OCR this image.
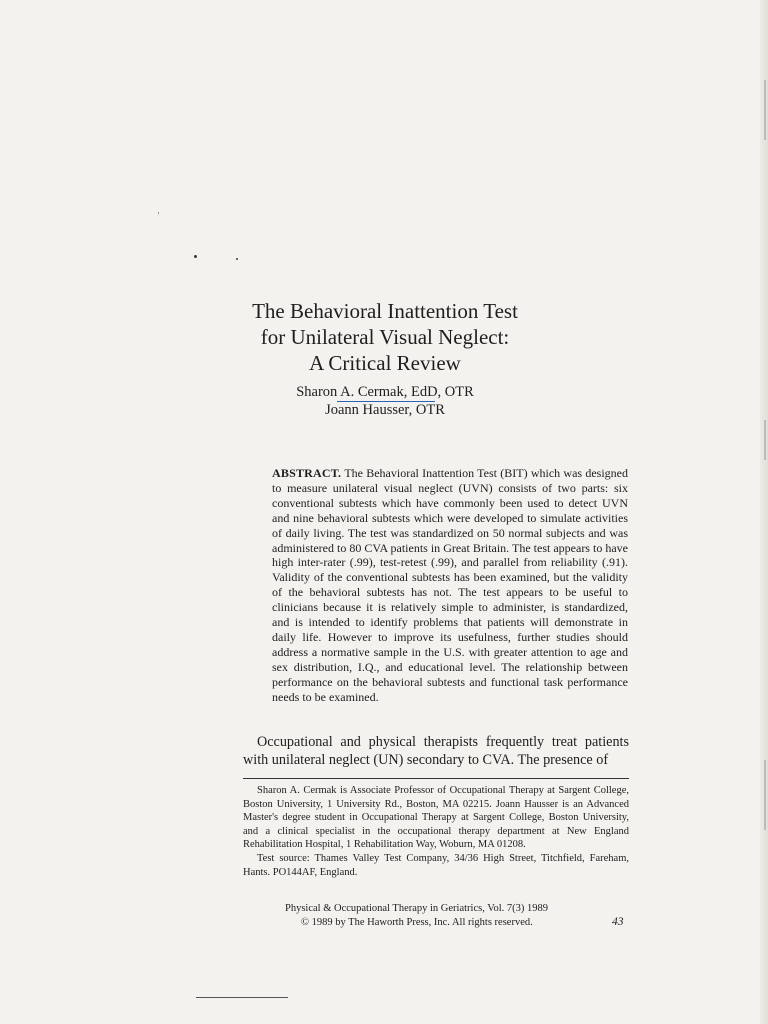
The Behavioral Inattention Test
for Unilateral Visual Neglect:
A Critical Review
Sharon A. Cermak, EdD, OTR
Joann Hausser, OTR
ABSTRACT. The Behavioral Inattention Test (BIT) which was designed to measure unilateral visual neglect (UVN) consists of two parts: six conventional subtests which have commonly been used to detect UVN and nine behavioral subtests which were developed to simulate activities of daily living. The test was standardized on 50 normal subjects and was administered to 80 CVA patients in Great Britain. The test appears to have high inter-rater (.99), test-retest (.99), and parallel from reliability (.91). Validity of the conventional subtests has been examined, but the validity of the behavioral subtests has not. The test appears to be useful to clinicians because it is relatively simple to administer, is standardized, and is intended to identify problems that patients will demonstrate in daily life. However to improve its usefulness, further studies should address a normative sample in the U.S. with greater attention to age and sex distribution, I.Q., and educational level. The relationship between performance on the behavioral subtests and functional task performance needs to be examined.
Occupational and physical therapists frequently treat patients with unilateral neglect (UN) secondary to CVA. The presence of

Sharon A. Cermak is Associate Professor of Occupational Therapy at Sargent College, Boston University, 1 University Rd., Boston, MA 02215. Joann Hausser is an Advanced Master's degree student in Occupational Therapy at Sargent College, Boston University, and a clinical specialist in the occupational therapy department at New England Rehabilitation Hospital, 1 Rehabilitation Way, Woburn, MA 01208.

Test source: Thames Valley Test Company, 34/36 High Street, Titchfield, Fareham, Hants. PO144AF, England.

Physical & Occupational Therapy in Geriatrics, Vol. 7(3) 1989
© 1989 by The Haworth Press, Inc. All rights reserved.	43
